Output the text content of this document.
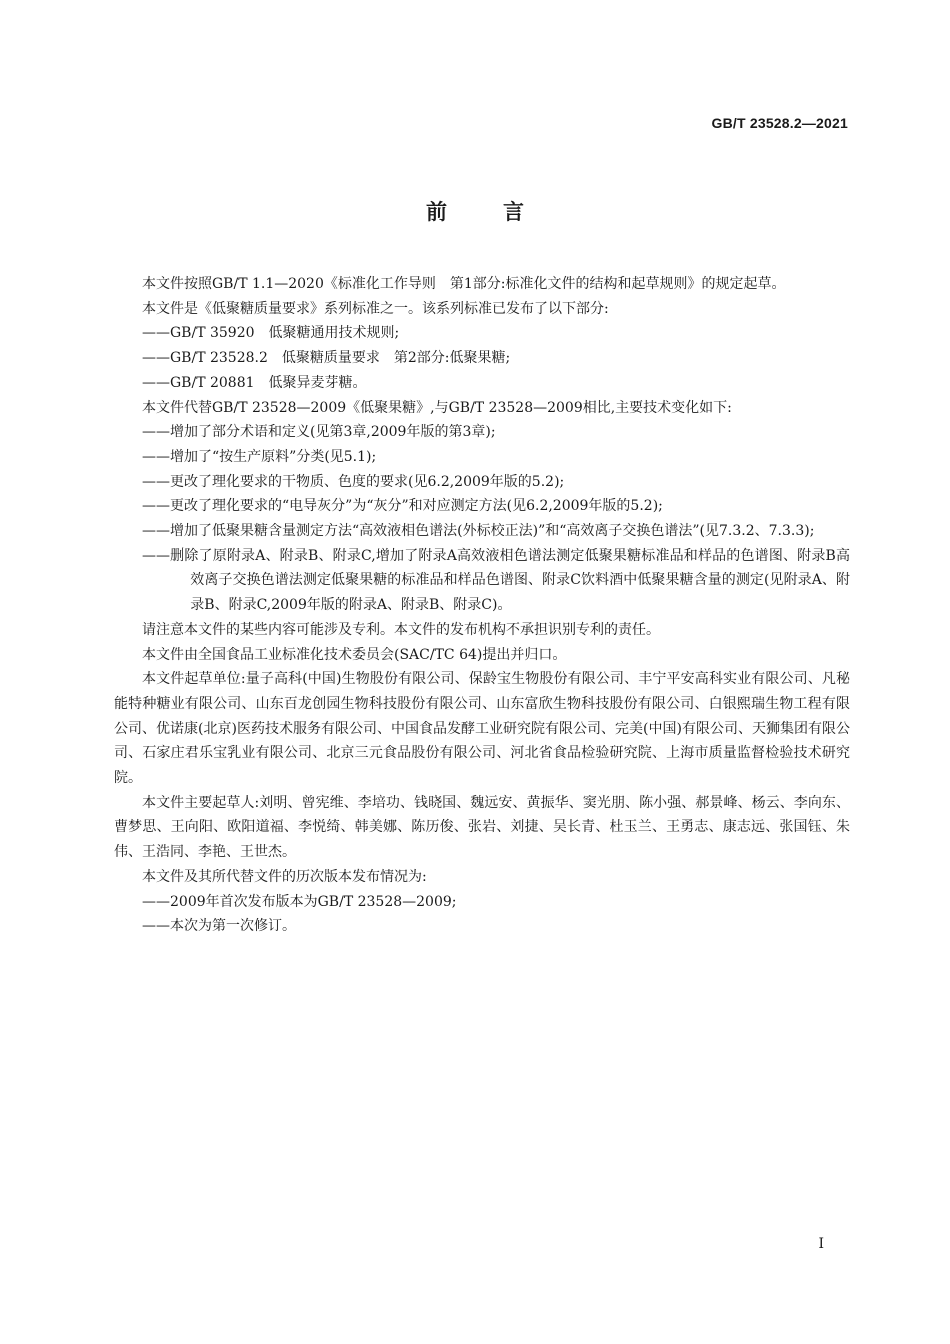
GB/T 23528.2—2021
前言

本文件按照GB/T 1.1—2020《标准化工作导则　第1部分:标准化文件的结构和起草规则》的规定起草。

本文件是《低聚糖质量要求》系列标准之一。该系列标准已发布了以下部分:

——GB/T 35920　低聚糖通用技术规则;

——GB/T 23528.2　低聚糖质量要求　第2部分:低聚果糖;

——GB/T 20881　低聚异麦芽糖。

本文件代替GB/T 23528—2009《低聚果糖》,与GB/T 23528—2009相比,主要技术变化如下:

——增加了部分术语和定义(见第3章,2009年版的第3章);

——增加了“按生产原料”分类(见5.1);

——更改了理化要求的干物质、色度的要求(见6.2,2009年版的5.2);

——更改了理化要求的“电导灰分”为“灰分”和对应测定方法(见6.2,2009年版的5.2);

——增加了低聚果糖含量测定方法“高效液相色谱法(外标校正法)”和“高效离子交换色谱法”(见7.3.2、7.3.3);

——删除了原附录A、附录B、附录C,增加了附录A高效液相色谱法测定低聚果糖标准品和样品的色谱图、附录B高效离子交换色谱法测定低聚果糖的标准品和样品色谱图、附录C饮料酒中低聚果糖含量的测定(见附录A、附录B、附录C,2009年版的附录A、附录B、附录C)。

请注意本文件的某些内容可能涉及专利。本文件的发布机构不承担识别专利的责任。

本文件由全国食品工业标准化技术委员会(SAC/TC 64)提出并归口。

本文件起草单位:量子高科(中国)生物股份有限公司、保龄宝生物股份有限公司、丰宁平安高科实业有限公司、凡秘能特种糖业有限公司、山东百龙创园生物科技股份有限公司、山东富欣生物科技股份有限公司、白银熙瑞生物工程有限公司、优诺康(北京)医药技术服务有限公司、中国食品发酵工业研究院有限公司、完美(中国)有限公司、天狮集团有限公司、石家庄君乐宝乳业有限公司、北京三元食品股份有限公司、河北省食品检验研究院、上海市质量监督检验技术研究院。

本文件主要起草人:刘明、曾宪维、李培功、钱晓国、魏远安、黄振华、窦光朋、陈小强、郝景峰、杨云、李向东、曹梦思、王向阳、欧阳道福、李悦绮、韩美娜、陈历俊、张岩、刘捷、吴长青、杜玉兰、王勇志、康志远、张国钰、朱伟、王浩同、李艳、王世杰。

本文件及其所代替文件的历次版本发布情况为:

——2009年首次发布版本为GB/T 23528—2009;

——本次为第一次修订。

I
